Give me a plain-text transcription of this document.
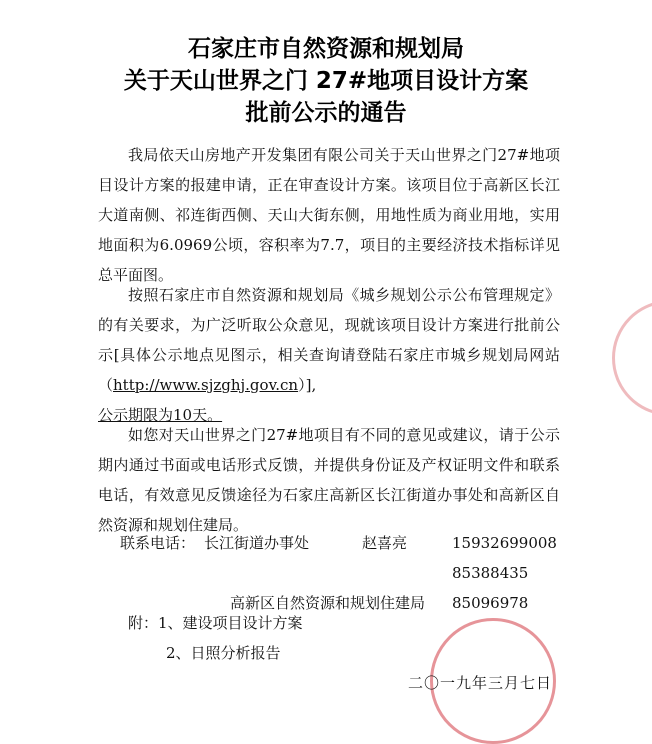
石家庄市自然资源和规划局
关于天山世界之门 27#地项目设计方案
批前公示的通告

我局依天山房地产开发集团有限公司关于天山世界之门27#地项目设计方案的报建申请，正在审查设计方案。该项目位于高新区长江大道南侧、祁连街西侧、天山大街东侧，用地性质为商业用地，实用地面积为6.0969公顷，容积率为7.7，项目的主要经济技术指标详见总平面图。

按照石家庄市自然资源和规划局《城乡规划公示公布管理规定》的有关要求，为广泛听取公众意见，现就该项目设计方案进行批前公示[具体公示地点见图示，相关查询请登陆石家庄市城乡规划局网站（http://www.sjzghj.gov.cn）],

公示期限为10天。

如您对天山世界之门27#地项目有不同的意见或建议，请于公示期内通过书面或电话形式反馈，并提供身份证及产权证明文件和联系电话，有效意见反馈途径为石家庄高新区长江街道办事处和高新区自然资源和规划住建局。

联系电话： 长江街道办事处	赵喜亮	15932699008
85388435
高新区自然资源和规划住建局 85096978
附：1、建设项目设计方案
2、日照分析报告
二〇一九年三月七日
